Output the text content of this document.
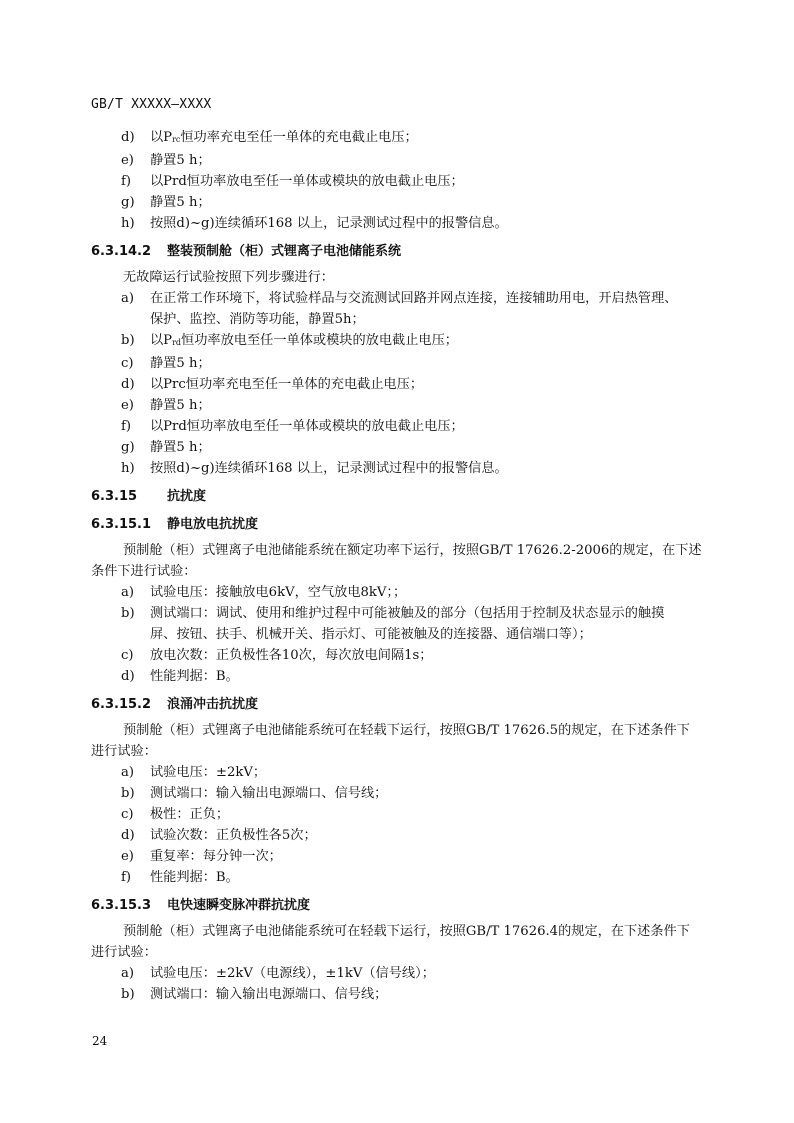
GB/T XXXXX—XXXX
d) 以Prc恒功率充电至任一单体的充电截止电压；
e) 静置5 h；
f) 以Prd恒功率放电至任一单体或模块的放电截止电压；
g) 静置5 h；
h) 按照d)~g)连续循环168 以上，记录测试过程中的报警信息。
6.3.14.2 整装预制舱（柜）式锂离子电池储能系统
无故障运行试验按照下列步骤进行：
a) 在正常工作环境下，将试验样品与交流测试回路并网点连接，连接辅助用电，开启热管理、
保护、监控、消防等功能，静置5h；
b) 以Prd恒功率放电至任一单体或模块的放电截止电压；
c) 静置5 h；
d) 以Prc恒功率充电至任一单体的充电截止电压；
e) 静置5 h；
f) 以Prd恒功率放电至任一单体或模块的放电截止电压；
g) 静置5 h；
h) 按照d)~g)连续循环168 以上，记录测试过程中的报警信息。
6.3.15 抗扰度
6.3.15.1 静电放电抗扰度
预制舱（柜）式锂离子电池储能系统在额定功率下运行，按照GB/T 17626.2-2006的规定，在下述
条件下进行试验：
a) 试验电压：接触放电6kV，空气放电8kV；；
b) 测试端口：调试、使用和维护过程中可能被触及的部分（包括用于控制及状态显示的触摸
屏、按钮、扶手、机械开关、指示灯、可能被触及的连接器、通信端口等）；
c) 放电次数：正负极性各10次，每次放电间隔1s；
d) 性能判据：B。
6.3.15.2 浪涌冲击抗扰度
预制舱（柜）式锂离子电池储能系统可在轻载下运行，按照GB/T 17626.5的规定，在下述条件下
进行试验：
a) 试验电压：±2kV；
b) 测试端口：输入输出电源端口、信号线；
c) 极性：正负；
d) 试验次数：正负极性各5次；
e) 重复率：每分钟一次；
f) 性能判据：B。
6.3.15.3 电快速瞬变脉冲群抗扰度
预制舱（柜）式锂离子电池储能系统可在轻载下运行，按照GB/T 17626.4的规定，在下述条件下
进行试验：
a) 试验电压：±2kV（电源线），±1kV（信号线）；
b) 测试端口：输入输出电源端口、信号线；
24
